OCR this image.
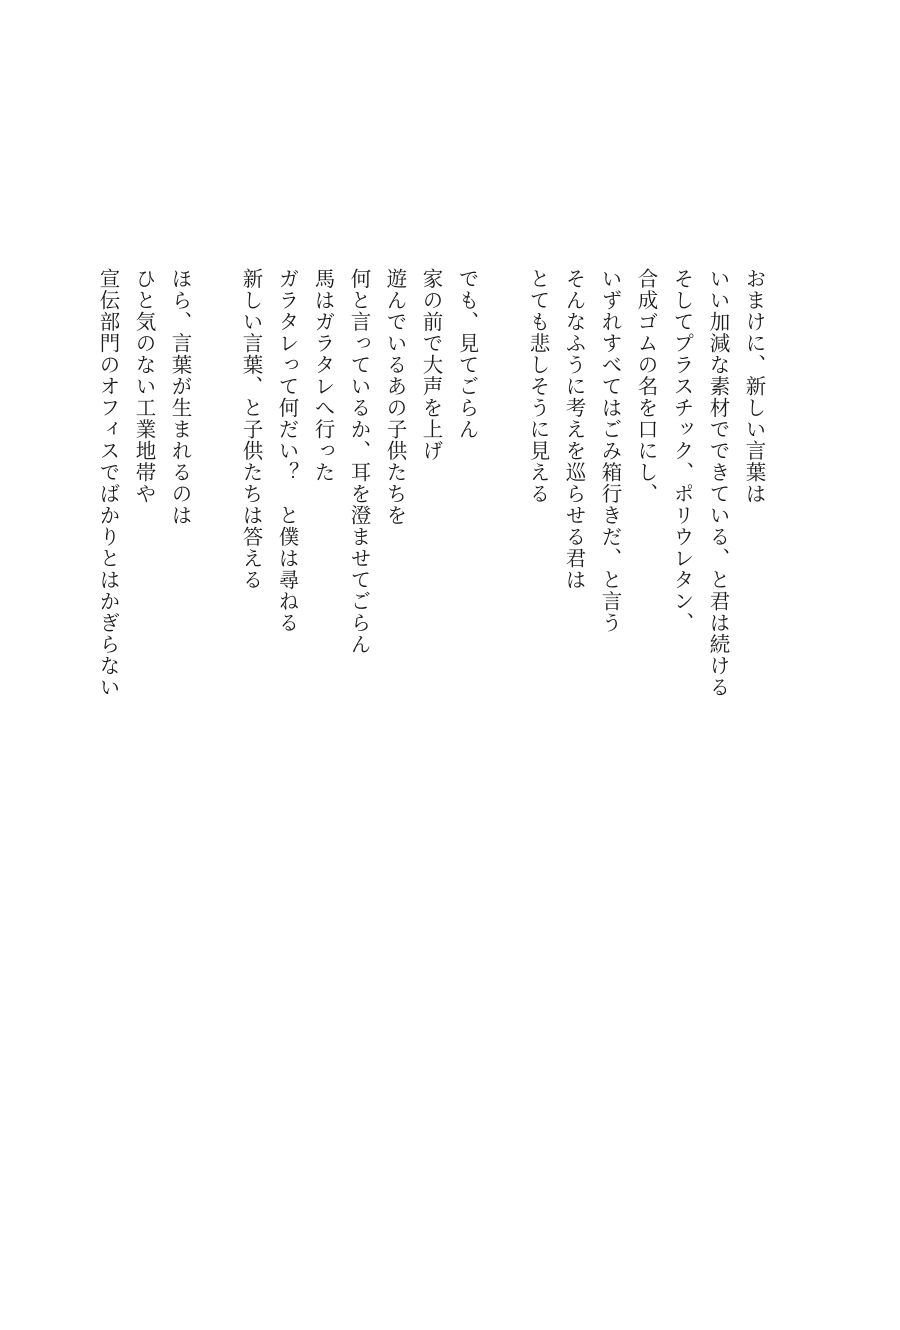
おまけに、新しい言葉は
いい加減な素材でできている、と君は続ける
そしてプラスチック、ポリウレタン、
合成ゴムの名を口にし、
いずれすべてはごみ箱行きだ、と言う
そんなふうに考えを巡らせる君は
とても悲しそうに見える
でも、見てごらん
家の前で大声を上げ
遊んでいるあの子供たちを
何と言っているか、耳を澄ませてごらん
馬はガラタレへ行った
ガラタレって何だい？　と僕は尋ねる
新しい言葉、と子供たちは答える
ほら、言葉が生まれるのは
ひと気のない工業地帯や
宣伝部門のオフィスでばかりとはかぎらない
